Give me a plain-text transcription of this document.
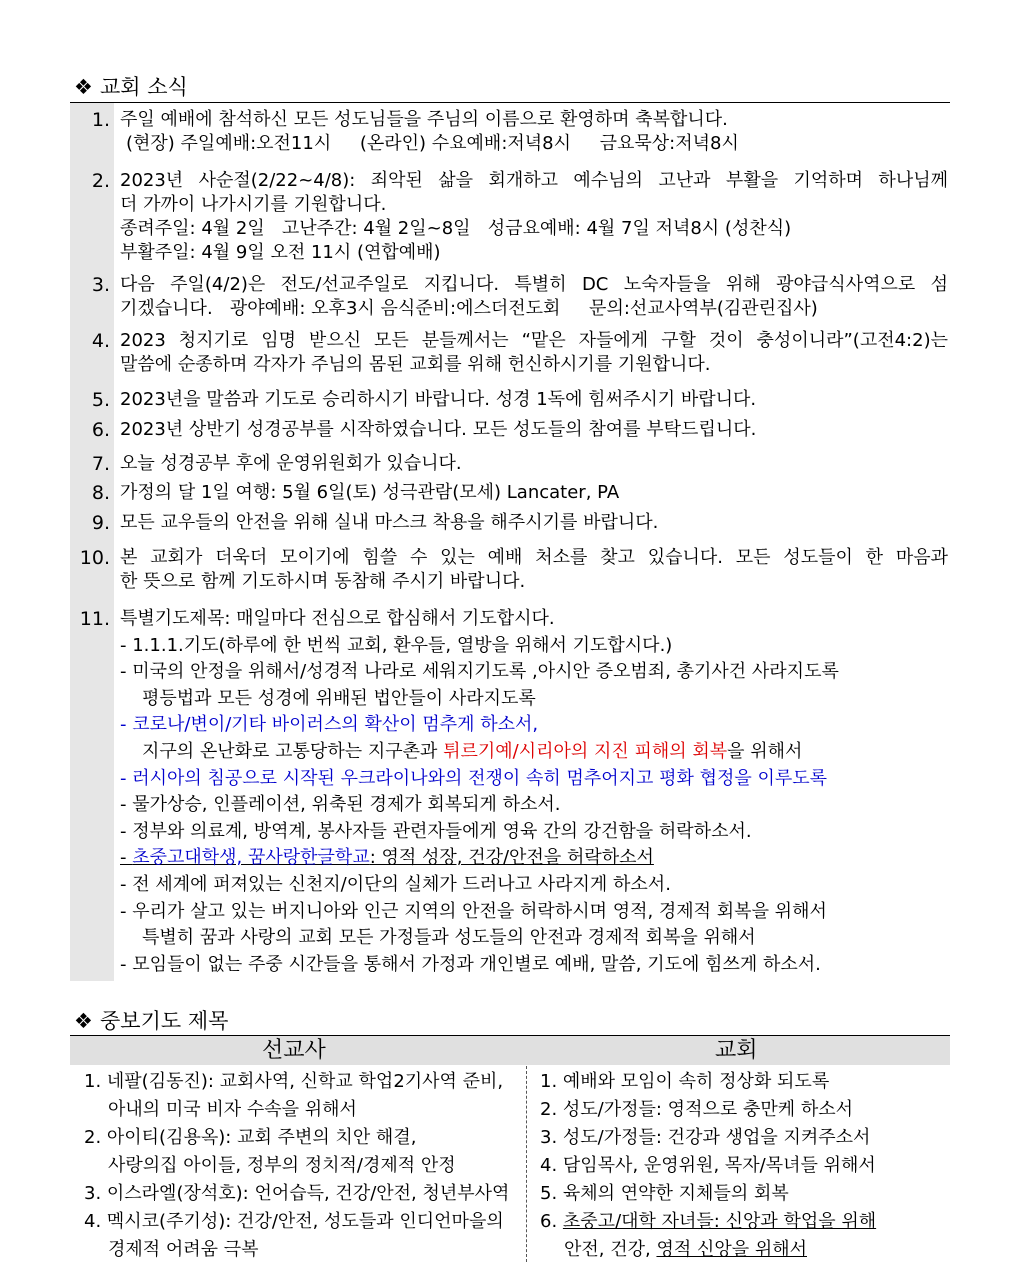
❖ 교회 소식
1. 주일 예배에 참석하신 모든 성도님들을 주님의 이름으로 환영하며 축복합니다.

(현장) 주일예배:오전11시     (온라인) 수요예배:저녁8시     금요묵상:저녁8시

2. 2023년 사순절(2/22~4/8): 죄악된 삶을 회개하고 예수님의 고난과 부활을 기억하며 하나님께

더 가까이 나가시기를 기원합니다.

종려주일: 4월 2일   고난주간: 4월 2일~8일   성금요예배: 4월 7일 저녁8시 (성찬식)

부활주일: 4월 9일 오전 11시 (연합예배)

3. 다음 주일(4/2)은 전도/선교주일로 지킵니다. 특별히 DC 노숙자들을 위해 광야급식사역으로 섬

기겠습니다.   광야예배: 오후3시 음식준비:에스더전도회     문의:선교사역부(김관린집사)

4. 2023 청지기로 임명 받으신 모든 분들께서는 “맡은 자들에게 구할 것이 충성이니라”(고전4:2)는

말씀에 순종하며 각자가 주님의 몸된 교회를 위해 헌신하시기를 기원합니다.

5. 2023년을 말씀과 기도로 승리하시기 바랍니다. 성경 1독에 힘써주시기 바랍니다.

6. 2023년 상반기 성경공부를 시작하였습니다. 모든 성도들의 참여를 부탁드립니다.

7. 오늘 성경공부 후에 운영위원회가 있습니다.

8. 가정의 달 1일 여행: 5월 6일(토) 성극관람(모세) Lancater, PA

9. 모든 교우들의 안전을 위해 실내 마스크 착용을 해주시기를 바랍니다.

10. 본 교회가 더욱더 모이기에 힘쓸 수 있는 예배 처소를 찾고 있습니다. 모든 성도들이 한 마음과

한 뜻으로 함께 기도하시며 동참해 주시기 바랍니다.

11. 특별기도제목: 매일마다 전심으로 합심해서 기도합시다.

- 1.1.1.기도(하루에 한 번씩 교회, 환우들, 열방을 위해서 기도합시다.)

- 미국의 안정을 위해서/성경적 나라로 세워지기도록 ,아시안 증오범죄, 총기사건 사라지도록

평등법과 모든 성경에 위배된 법안들이 사라지도록

- 코로나/변이/기타 바이러스의 확산이 멈추게 하소서,

지구의 온난화로 고통당하는 지구촌과 튀르기예/시리아의 지진 피해의 회복을 위해서

- 러시아의 침공으로 시작된 우크라이나와의 전쟁이 속히 멈추어지고 평화 협정을 이루도록

- 물가상승, 인플레이션, 위축된 경제가 회복되게 하소서.

- 정부와 의료계, 방역계, 봉사자들 관련자들에게 영육 간의 강건함을 허락하소서.

- 초중고대학생, 꿈사랑한글학교: 영적 성장, 건강/안전을 허락하소서

- 전 세계에 퍼져있는 신천지/이단의 실체가 드러나고 사라지게 하소서.

- 우리가 살고 있는 버지니아와 인근 지역의 안전을 허락하시며 영적, 경제적 회복을 위해서

특별히 꿈과 사랑의 교회 모든 가정들과 성도들의 안전과 경제적 회복을 위해서

- 모임들이 없는 주중 시간들을 통해서 가정과 개인별로 예배, 말씀, 기도에 힘쓰게 하소서.

❖ 중보기도 제목
선교사	교회
1. 네팔(김동진): 교회사역, 신학교 학업2기사역 준비,
아내의 미국 비자 수속을 위해서
2. 아이티(김용옥): 교회 주변의 치안 해결,
사랑의집 아이들, 정부의 정치적/경제적 안정
3. 이스라엘(장석호): 언어습득, 건강/안전, 청년부사역
4. 멕시코(주기성): 건강/안전, 성도들과 인디언마을의
경제적 어려움 극복
1. 예배와 모임이 속히 정상화 되도록
2. 성도/가정들: 영적으로 충만케 하소서
3. 성도/가정들: 건강과 생업을 지켜주소서
4. 담임목사, 운영위원, 목자/목녀들 위해서
5. 육체의 연약한 지체들의 회복
6. 초중고/대학 자녀들: 신앙과 학업을 위해
안전, 건강, 영적 신앙을 위해서
